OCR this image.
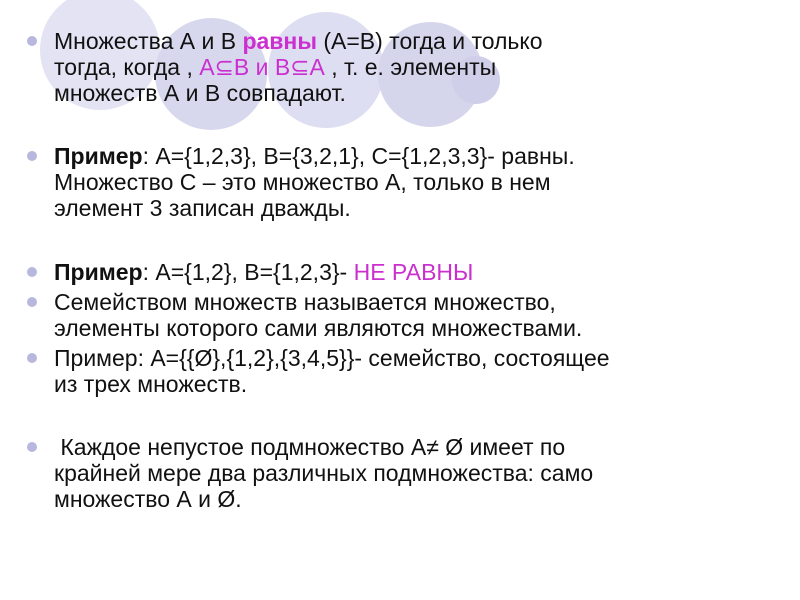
Множества А и В равны (А=В) тогда и только
тогда, когда , А⊆В и В⊆А , т. е. элементы
множеств А и В совпадают.

Пример: А={1,2,3}, В={3,2,1}, С={1,2,3,3}- равны.
Множество С – это множество А, только в нем
элемент 3 записан дважды.

Пример: А={1,2}, В={1,2,3}- НЕ РАВНЫ

Семейством множеств называется множество,
элементы которого сами являются множествами.

Пример: А={{Ø},{1,2},{3,4,5}}- семейство, состоящее
из трех множеств.

Каждое непустое подмножество А≠ Ø имеет по
крайней мере два различных подмножества: само
множество А и Ø.
